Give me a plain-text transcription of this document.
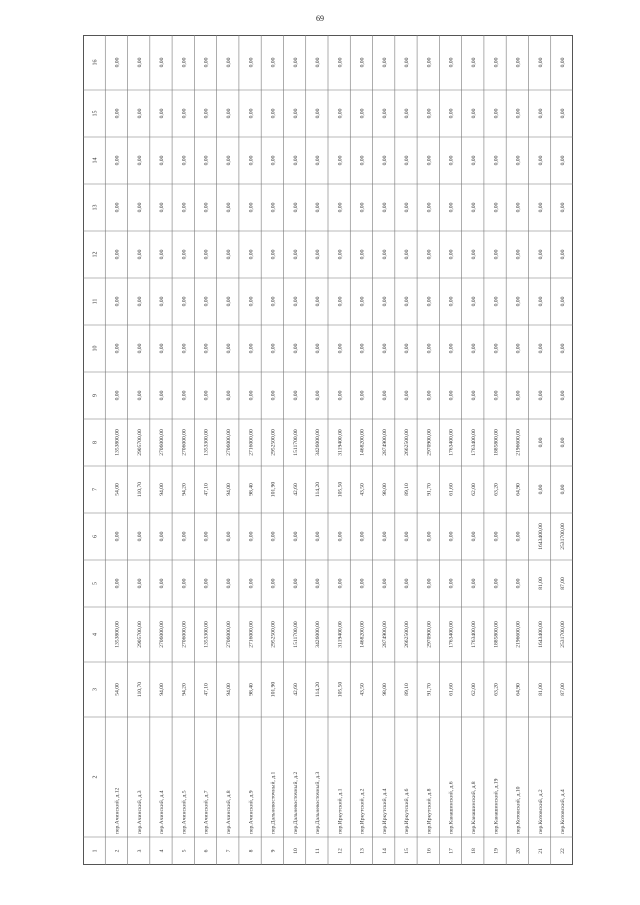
69
1
2
3
4
5
6
7
8
9
10
11
12
13
14
15
16
2
пер.Ачинский, д.12
54,00
1353800,00
0,00
0,00
54,00
1353800,00
0,00
0,00
0,00
0,00
0,00
0,00
0,00
0,00
3
пер.Ачинский, д.3
110,70
2905700,00
0,00
0,00
110,70
2905700,00
0,00
0,00
0,00
0,00
0,00
0,00
0,00
0,00
4
пер.Ачинский, д.4
94,00
2706000,00
0,00
0,00
94,00
2706000,00
0,00
0,00
0,00
0,00
0,00
0,00
0,00
0,00
5
пер.Ачинский, д.5
94,20
2706000,00
0,00
0,00
94,20
2706000,00
0,00
0,00
0,00
0,00
0,00
0,00
0,00
0,00
6
пер.Ачинский, д.7
47,10
1353300,00
0,00
0,00
47,10
1353300,00
0,00
0,00
0,00
0,00
0,00
0,00
0,00
0,00
7
пер.Ачинский, д.8
94,00
2706000,00
0,00
0,00
94,00
2706000,00
0,00
0,00
0,00
0,00
0,00
0,00
0,00
0,00
8
пер.Ачинский, д.9
98,40
2716000,00
0,00
0,00
98,40
2716000,00
0,00
0,00
0,00
0,00
0,00
0,00
0,00
0,00
9
пер.Дальневосточный, д.1
101,90
2952500,00
0,00
0,00
101,90
2952500,00
0,00
0,00
0,00
0,00
0,00
0,00
0,00
0,00
10
пер.Дальневосточный, д.2
42,60
1511700,00
0,00
0,00
42,60
1511700,00
0,00
0,00
0,00
0,00
0,00
0,00
0,00
0,00
11
пер.Дальневосточный, д.3
114,20
3426000,00
0,00
0,00
114,20
3426000,00
0,00
0,00
0,00
0,00
0,00
0,00
0,00
0,00
12
пер.Иркутский, д.1
105,50
3119400,00
0,00
0,00
105,50
3119400,00
0,00
0,00
0,00
0,00
0,00
0,00
0,00
0,00
13
пер.Иркутский, д.2
43,50
1468200,00
0,00
0,00
43,50
1468200,00
0,00
0,00
0,00
0,00
0,00
0,00
0,00
0,00
14
пер.Иркутский, д.4
98,00
2874900,00
0,00
0,00
98,00
2874900,00
0,00
0,00
0,00
0,00
0,00
0,00
0,00
0,00
15
пер.Иркутский, д.6
89,10
2662500,00
0,00
0,00
89,10
2662500,00
0,00
0,00
0,00
0,00
0,00
0,00
0,00
0,00
16
пер.Иркутский, д.8
91,70
2970900,00
0,00
0,00
91,70
2970900,00
0,00
0,00
0,00
0,00
0,00
0,00
0,00
0,00
17
пер.Канашинский, д.6
61,60
1763400,00
0,00
0,00
61,60
1763400,00
0,00
0,00
0,00
0,00
0,00
0,00
0,00
0,00
18
пер.Канашинский, д.8
62,00
1763400,00
0,00
0,00
62,00
1763400,00
0,00
0,00
0,00
0,00
0,00
0,00
0,00
0,00
19
пер.Канашинский, д.19
63,20
1885800,00
0,00
0,00
63,20
1885800,00
0,00
0,00
0,00
0,00
0,00
0,00
0,00
0,00
20
пер.Котовский, д.10
64,90
2196600,00
0,00
0,00
64,90
2196600,00
0,00
0,00
0,00
0,00
0,00
0,00
0,00
0,00
21
пер.Котовский, д.2
81,00
1643400,00
81,00
1643400,00
0,00
0,00
0,00
0,00
0,00
0,00
0,00
0,00
0,00
0,00
22
пер.Котовский, д.4
87,00
2531700,00
87,00
2531700,00
0,00
0,00
0,00
0,00
0,00
0,00
0,00
0,00
0,00
0,00
